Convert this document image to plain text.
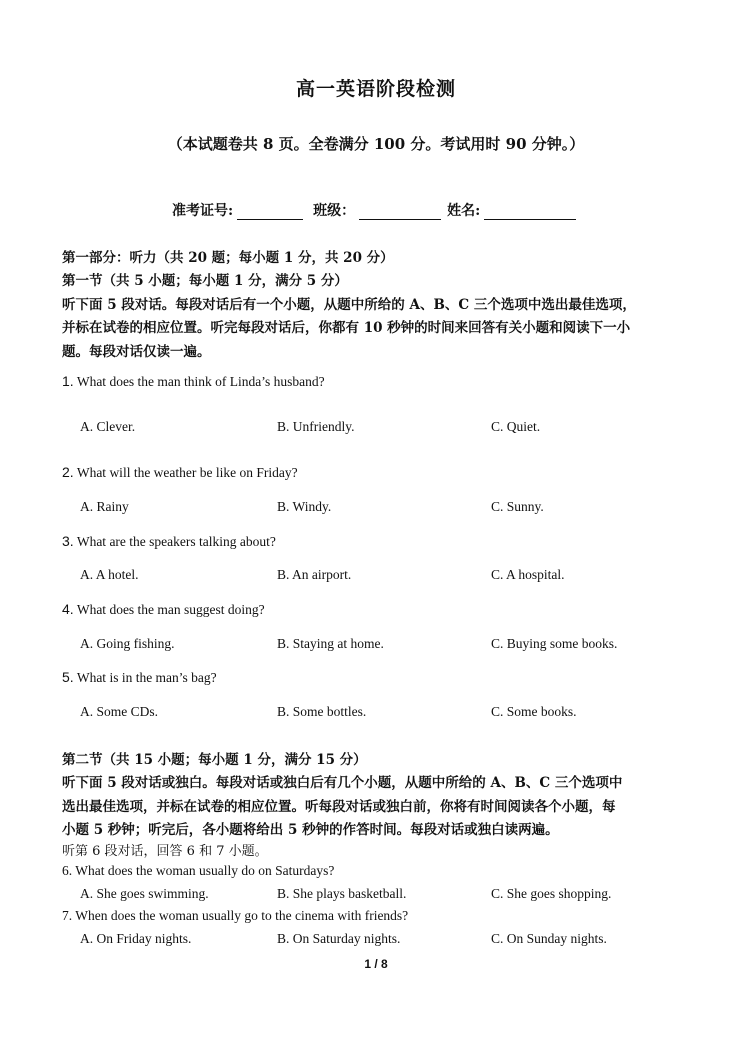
高一英语阶段检测
（本试题卷共 8 页。全卷满分 100 分。考试用时 90 分钟。）
准考证号:	班级：	姓名:
第一部分：听力（共 20 题；每小题 1 分，共 20 分）
第一节（共 5 小题；每小题 1 分，满分 5 分）
听下面 5 段对话。每段对话后有一个小题，从题中所给的 A、B、C 三个选项中选出最佳选项，
并标在试卷的相应位置。听完每段对话后，你都有 10 秒钟的时间来回答有关小题和阅读下一小
题。每段对话仅读一遍。
1. What does the man think of Linda’s husband?
A. Clever.	B. Unfriendly.	C. Quiet.
2. What will the weather be like on Friday?
A. Rainy	B. Windy.	C. Sunny.
3. What are the speakers talking about?
A. A hotel.	B. An airport.	C. A hospital.
4. What does the man suggest doing?
A. Going fishing.	B. Staying at home.	C. Buying some books.
5. What is in the man’s bag?
A. Some CDs.	B. Some bottles.	C. Some books.
第二节（共 15 小题；每小题 1 分，满分 15 分）
听下面 5 段对话或独白。每段对话或独白后有几个小题，从题中所给的 A、B、C 三个选项中
选出最佳选项，并标在试卷的相应位置。听每段对话或独白前，你将有时间阅读各个小题，每
小题 5 秒钟；听完后，各小题将给出 5 秒钟的作答时间。每段对话或独白读两遍。
听第 6 段对话，回答 6 和 7 小题。
6. What does the woman usually do on Saturdays?
A. She goes swimming.	B. She plays basketball.	C. She goes shopping.
7. When does the woman usually go to the cinema with friends?
A. On Friday nights.	B. On Saturday nights.	C. On Sunday nights.
1 / 8
